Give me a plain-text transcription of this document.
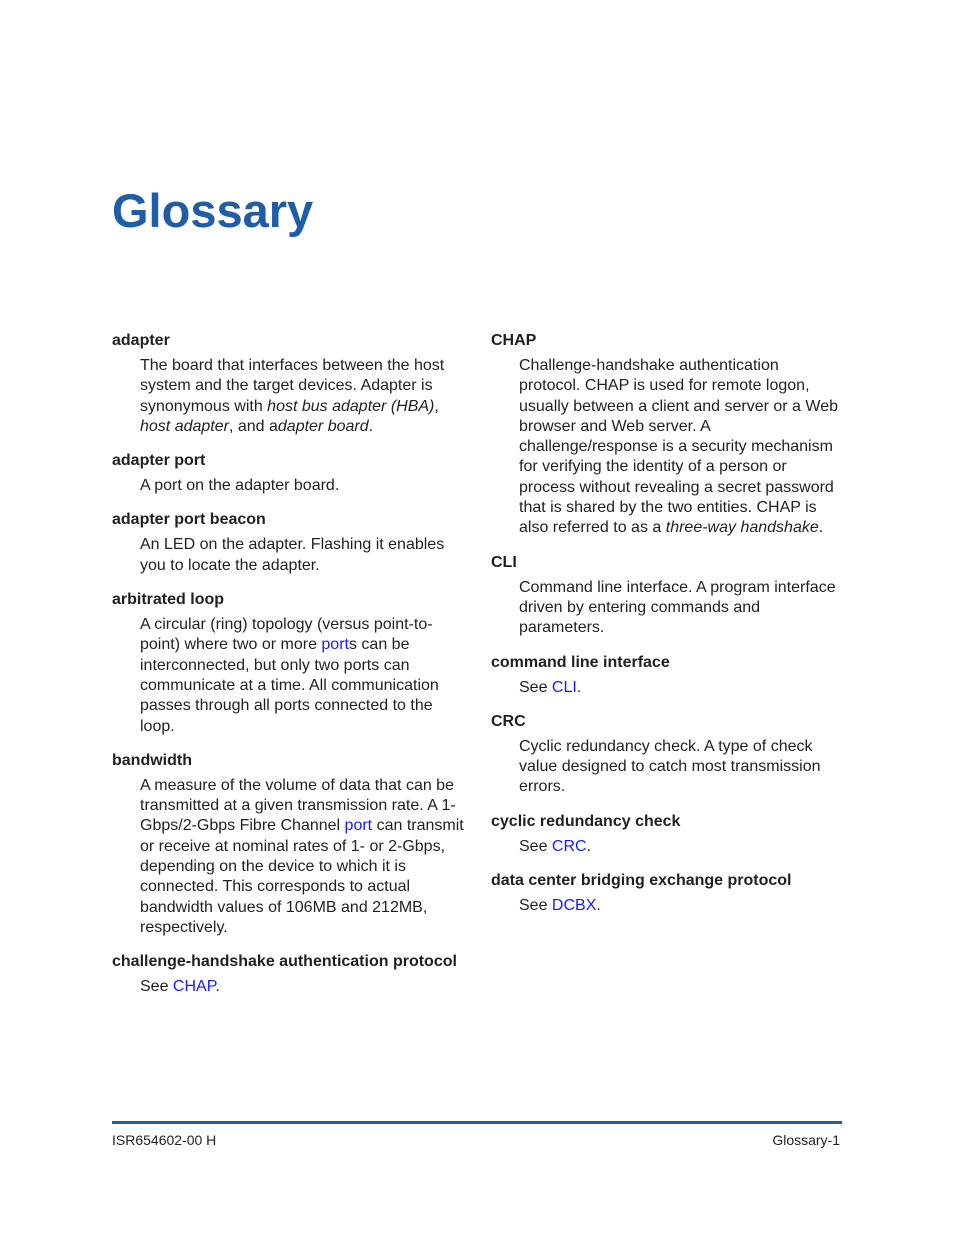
Glossary
adapter

The board that interfaces between the host system and the target devices. Adapter is synonymous with host bus adapter (HBA), host adapter, and adapter board.

adapter port

A port on the adapter board.

adapter port beacon

An LED on the adapter. Flashing it enables you to locate the adapter.

arbitrated loop

A circular (ring) topology (versus point-to-point) where two or more ports can be interconnected, but only two ports can communicate at a time. All communication passes through all ports connected to the loop.

bandwidth

A measure of the volume of data that can be transmitted at a given transmission rate. A 1-Gbps/2-Gbps Fibre Channel port can transmit or receive at nominal rates of 1- or 2-Gbps, depending on the device to which it is connected. This corresponds to actual bandwidth values of 106MB and 212MB, respectively.

challenge-handshake authentication protocol

See CHAP.

CHAP

Challenge-handshake authentication protocol. CHAP is used for remote logon, usually between a client and server or a Web browser and Web server. A challenge/response is a security mechanism for verifying the identity of a person or process without revealing a secret password that is shared by the two entities. CHAP is also referred to as a three-way handshake.

CLI

Command line interface. A program interface driven by entering commands and parameters.

command line interface

See CLI.

CRC

Cyclic redundancy check. A type of check value designed to catch most transmission errors.

cyclic redundancy check

See CRC.

data center bridging exchange protocol

See DCBX.

ISR654602-00 H	Glossary-1
